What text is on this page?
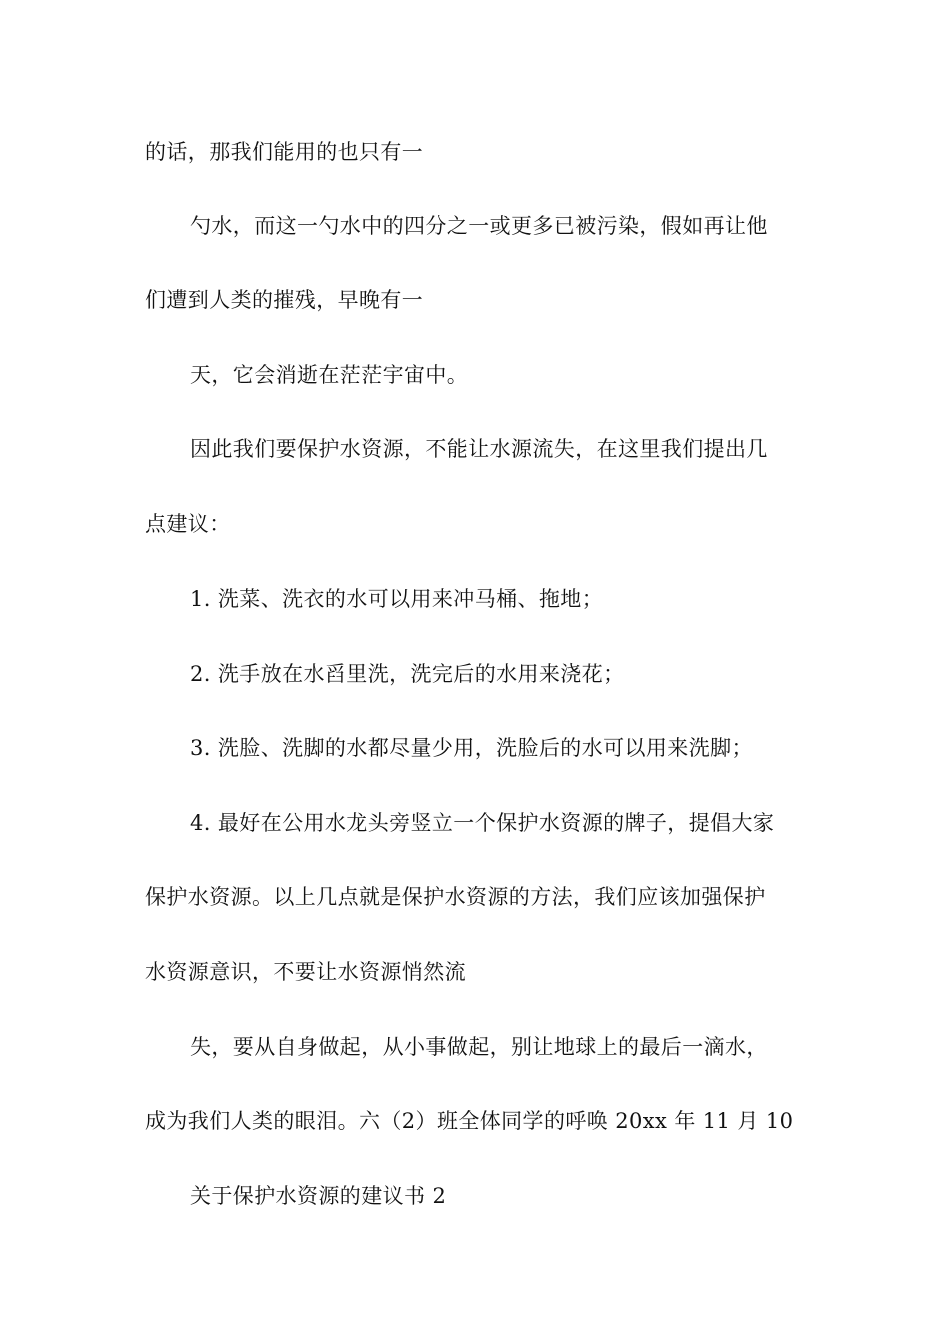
的话，那我们能用的也只有一
勺水，而这一勺水中的四分之一或更多已被污染，假如再让他
们遭到人类的摧残，早晚有一
天，它会消逝在茫茫宇宙中。
因此我们要保护水资源，不能让水源流失，在这里我们提出几
点建议：
1. 洗菜、洗衣的水可以用来冲马桶、拖地；
2. 洗手放在水舀里洗，洗完后的水用来浇花；
3. 洗脸、洗脚的水都尽量少用，洗脸后的水可以用来洗脚；
4. 最好在公用水龙头旁竖立一个保护水资源的牌子，提倡大家
保护水资源。以上几点就是保护水资源的方法，我们应该加强保护
水资源意识，不要让水资源悄然流
失，要从自身做起，从小事做起，别让地球上的最后一滴水，
成为我们人类的眼泪。六（2）班全体同学的呼唤 20xx 年 11 月 10
关于保护水资源的建议书 2
